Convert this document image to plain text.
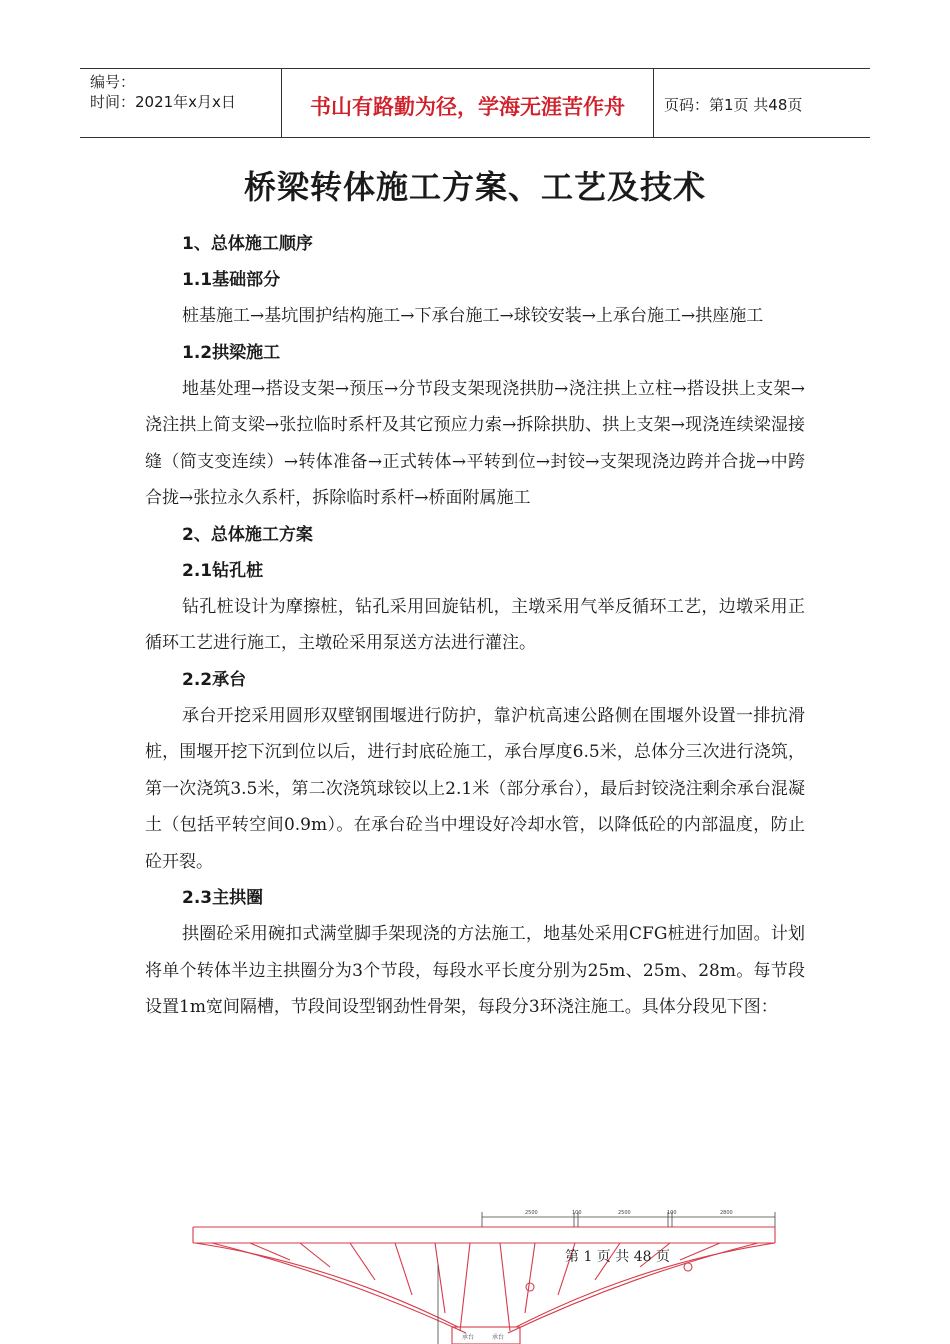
编号：
时间：2021年x月x日	书山有路勤为径，学海无涯苦作舟	页码：第1页 共48页
桥梁转体施工方案、工艺及技术

1、总体施工顺序

1.1基础部分

桩基施工→基坑围护结构施工→下承台施工→球铰安装→上承台施工→拱座施工

1.2拱梁施工

地基处理→搭设支架→预压→分节段支架现浇拱肋→浇注拱上立柱→搭设拱上支架→浇注拱上简支梁→张拉临时系杆及其它预应力索→拆除拱肋、拱上支架→现浇连续梁湿接缝（简支变连续）→转体准备→正式转体→平转到位→封铰→支架现浇边跨并合拢→中跨合拢→张拉永久系杆，拆除临时系杆→桥面附属施工

2、总体施工方案

2.1钻孔桩

钻孔桩设计为摩擦桩，钻孔采用回旋钻机，主墩采用气举反循环工艺，边墩采用正循环工艺进行施工，主墩砼采用泵送方法进行灌注。

2.2承台

承台开挖采用圆形双壁钢围堰进行防护，靠沪杭高速公路侧在围堰外设置一排抗滑桩，围堰开挖下沉到位以后，进行封底砼施工，承台厚度6.5米，总体分三次进行浇筑，第一次浇筑3.5米，第二次浇筑球铰以上2.1米（部分承台），最后封铰浇注剩余承台混凝土（包括平转空间0.9m）。在承台砼当中埋设好冷却水管，以降低砼的内部温度，防止砼开裂。

2.3主拱圈

拱圈砼采用碗扣式满堂脚手架现浇的方法施工，地基处采用CFG桩进行加固。计划将单个转体半边主拱圈分为3个节段，每段水平长度分别为25m、25m、28m。每节段设置1m宽间隔槽，节段间设型钢劲性骨架，每段分3环浇注施工。具体分段见下图：

2500	100	2500	100	2800
承台	承台
第 1 页 共 48 页
